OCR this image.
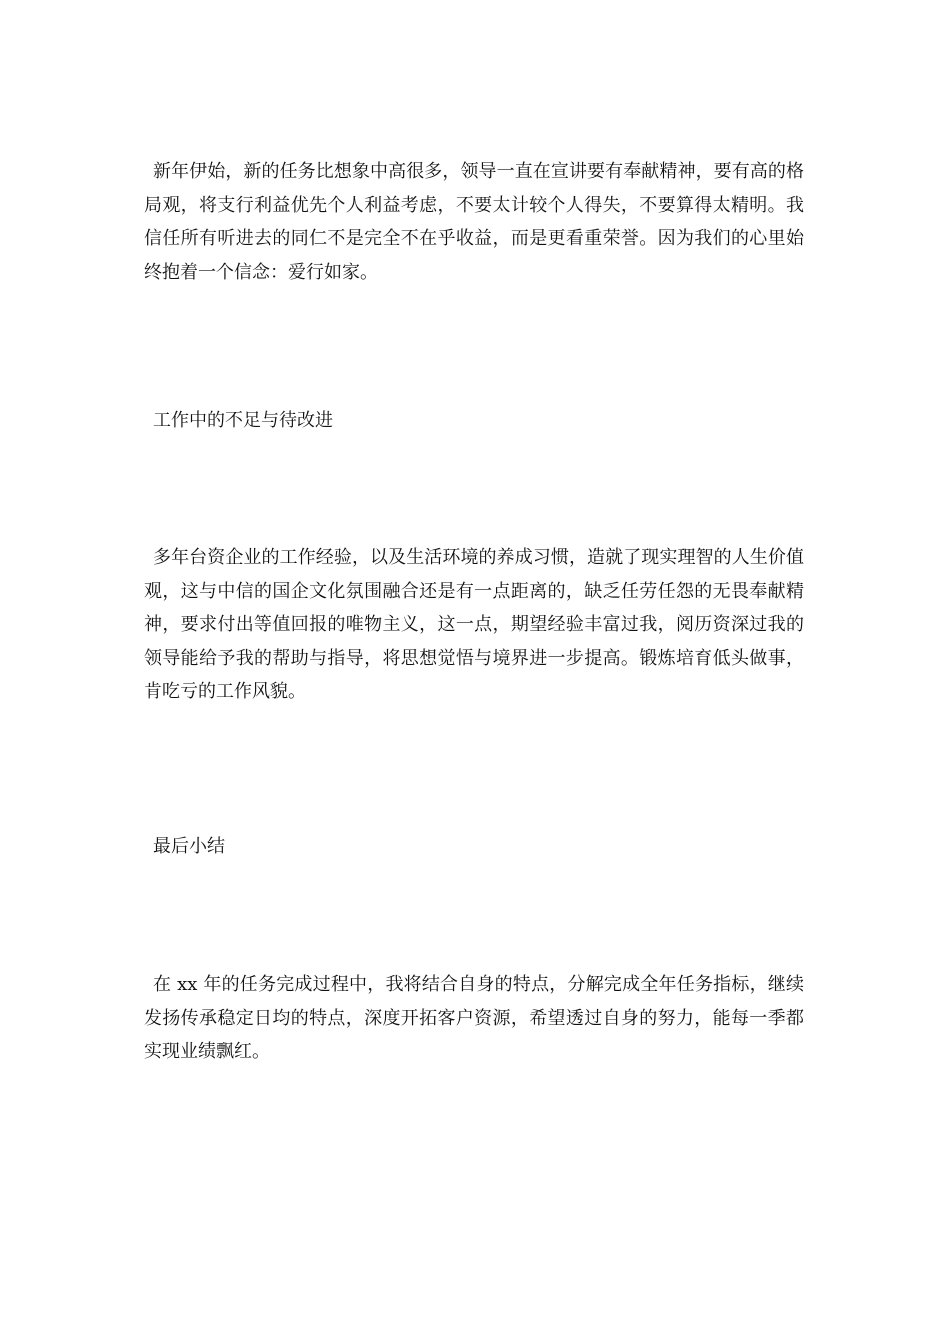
新年伊始，新的任务比想象中高很多，领导一直在宣讲要有奉献精神，要有高的格局观，将支行利益优先个人利益考虑，不要太计较个人得失，不要算得太精明。我信任所有听进去的同仁不是完全不在乎收益，而是更看重荣誉。因为我们的心里始终抱着一个信念：爱行如家。

工作中的不足与待改进

多年台资企业的工作经验，以及生活环境的养成习惯，造就了现实理智的人生价值观，这与中信的国企文化氛围融合还是有一点距离的，缺乏任劳任怨的无畏奉献精神，要求付出等值回报的唯物主义，这一点，期望经验丰富过我，阅历资深过我的领导能给予我的帮助与指导，将思想觉悟与境界进一步提高。锻炼培育低头做事，肯吃亏的工作风貌。

最后小结

在 xx 年的任务完成过程中，我将结合自身的特点，分解完成全年任务指标，继续发扬传承稳定日均的特点，深度开拓客户资源，希望透过自身的努力，能每一季都实现业绩飘红。
